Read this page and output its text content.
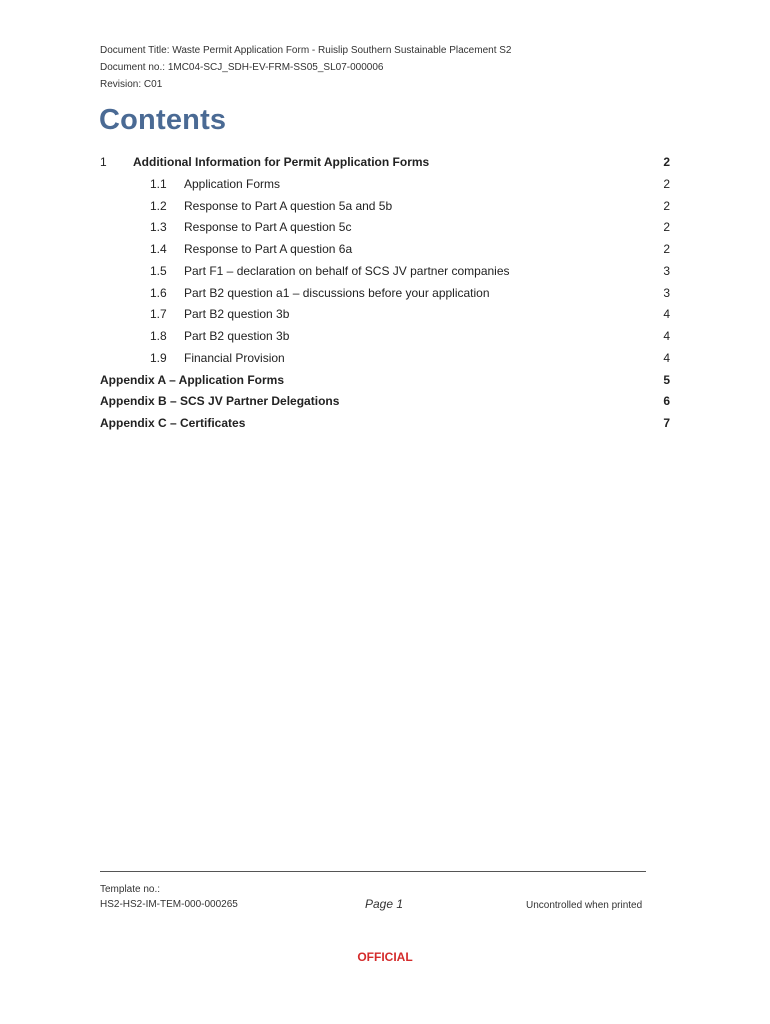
Document Title: Waste Permit Application Form - Ruislip Southern Sustainable Placement S2
Document no.: 1MC04-SCJ_SDH-EV-FRM-SS05_SL07-000006
Revision: C01
Contents
1 Additional Information for Permit Application Forms	2
1.1 Application Forms	2
1.2 Response to Part A question 5a and 5b	2
1.3 Response to Part A question 5c	2
1.4 Response to Part A question 6a	2
1.5 Part F1 – declaration on behalf of SCS JV partner companies	3
1.6 Part B2 question a1 – discussions before your application	3
1.7 Part B2 question 3b	4
1.8 Part B2 question 3b	4
1.9 Financial Provision	4
Appendix A – Application Forms	5
Appendix B – SCS JV Partner Delegations	6
Appendix C – Certificates	7
Template no.:
HS2-HS2-IM-TEM-000-000265	Page 1	Uncontrolled when printed
OFFICIAL
